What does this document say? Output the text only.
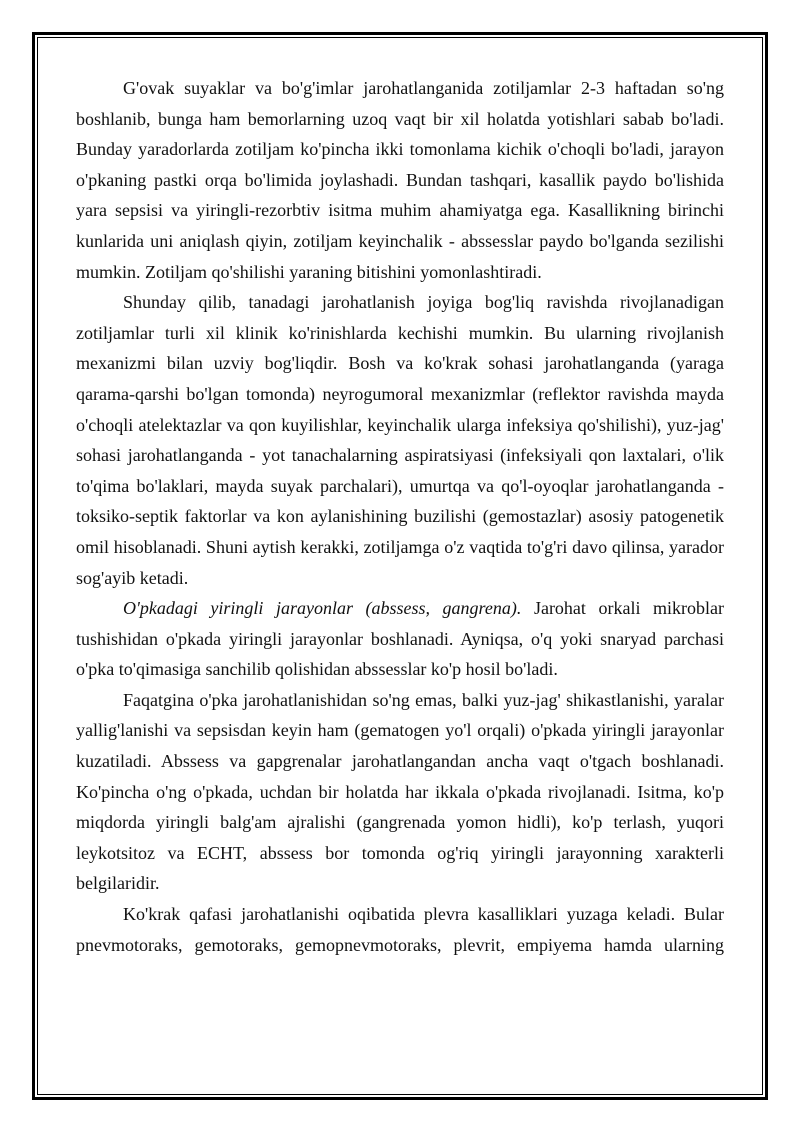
G'ovak suyaklar va bo'g'imlar jarohatlanganida zotiljamlar 2-3 haftadan so'ng boshlanib, bunga ham bemorlarning uzoq vaqt bir xil holatda yotishlari sabab bo'ladi. Bunday yaradorlarda zotiljam ko'pincha ikki tomonlama kichik o'choqli bo'ladi, jarayon o'pkaning pastki orqa bo'limida joylashadi. Bundan tashqari, kasallik paydo bo'lishida yara sepsisi va yiringli-rezorbtiv isitma muhim ahamiyatga ega. Kasallikning birinchi kunlarida uni aniqlash qiyin, zotiljam keyinchalik - abssesslar paydo bo'lganda sezilishi mumkin. Zotiljam qo'shilishi yaraning bitishini yomonlashtiradi.

Shunday qilib, tanadagi jarohatlanish joyiga bog'liq ravishda rivojlanadigan zotiljamlar turli xil klinik ko'rinishlarda kechishi mumkin. Bu ularning rivojlanish mexanizmi bilan uzviy bog'liqdir. Bosh va ko'krak sohasi jarohatlanganda (yaraga qarama-qarshi bo'lgan tomonda) neyrogumoral mexanizmlar (reflektor ravishda mayda o'choqli atelektazlar va qon kuyilishlar, keyinchalik ularga infeksiya qo'shilishi), yuz-jag' sohasi jarohatlanganda - yot tanachalarning aspiratsiyasi (infeksiyali qon laxtalari, o'lik to'qima bo'laklari, mayda suyak parchalari), umurtqa va qo'l-oyoqlar jarohatlanganda -toksiko-septik faktorlar va kon aylanishining buzilishi (gemostazlar) asosiy patogenetik omil hisoblanadi. Shuni aytish kerakki, zotiljamga o'z vaqtida to'g'ri davo qilinsa, yarador sog'ayib ketadi.

O'pkadagi yiringli jarayonlar (abssess, gangrena). Jarohat orkali mikroblar tushishidan o'pkada yiringli jarayonlar boshlanadi. Ayniqsa, o'q yoki snaryad parchasi o'pka to'qimasiga sanchilib qolishidan abssesslar ko'p hosil bo'ladi.

Faqatgina o'pka jarohatlanishidan so'ng emas, balki yuz-jag' shikastlanishi, yaralar yallig'lanishi va sepsisdan keyin ham (gematogen yo'l orqali) o'pkada yiringli jarayonlar kuzatiladi. Abssess va gapgrenalar jarohatlangandan ancha vaqt o'tgach boshlanadi. Ko'pincha o'ng o'pkada, uchdan bir holatda har ikkala o'pkada rivojlanadi. Isitma, ko'p miqdorda yiringli balg'am ajralishi (gangrenada yomon hidli), ko'p terlash, yuqori leykotsitoz va ECHT, abssess bor tomonda og'riq yiringli jarayonning xarakterli belgilaridir.

Ko'krak qafasi jarohatlanishi oqibatida plevra kasalliklari yuzaga keladi. Bular pnevmotoraks, gemotoraks, gemopnevmotoraks, plevrit, empiyema hamda ularning
